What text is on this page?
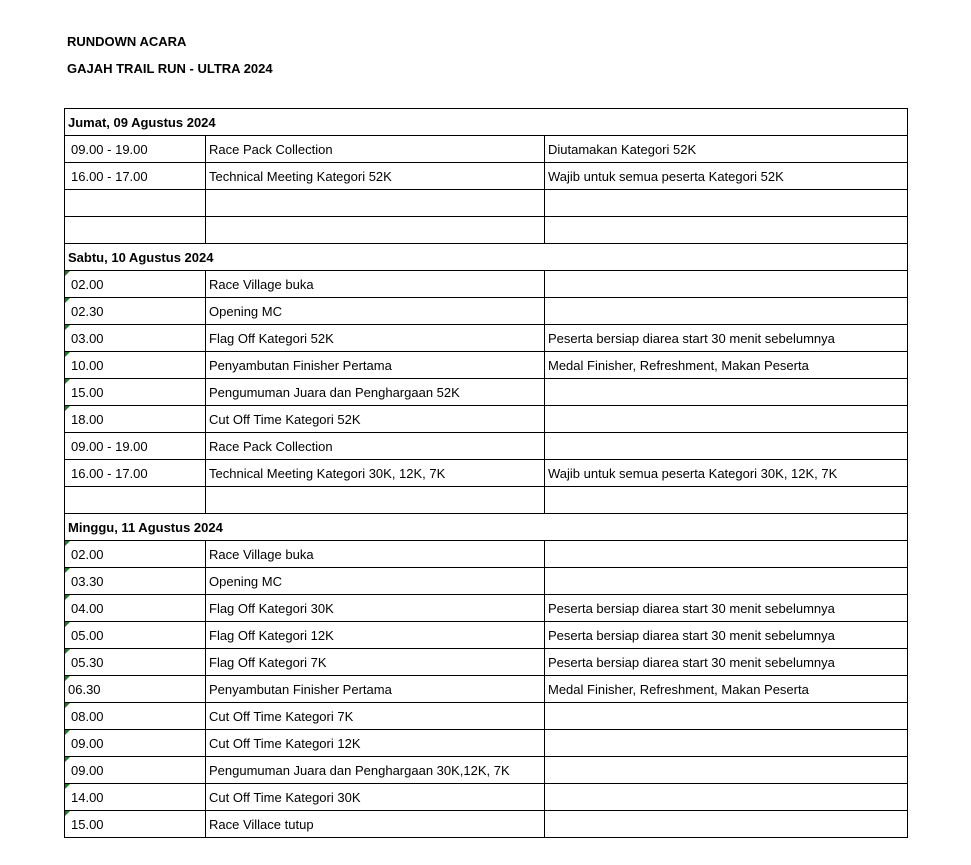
RUNDOWN ACARA
GAJAH TRAIL RUN - ULTRA 2024
Jumat, 09 Agustus 2024		
09.00 - 19.00	Race Pack Collection	Diutamakan Kategori 52K
16.00 - 17.00	Technical Meeting Kategori 52K	Wajib untuk semua peserta Kategori 52K

Sabtu, 10 Agustus 2024		

02.00	Race Village buka	

02.30	Opening MC	

03.00	Flag Off Kategori 52K	Peserta bersiap diarea start 30 menit sebelumnya

10.00	Penyambutan Finisher Pertama	Medal Finisher, Refreshment, Makan Peserta

15.00	Pengumuman Juara dan Penghargaan 52K	

18.00	Cut Off Time Kategori 52K	
09.00 - 19.00	Race Pack Collection	
16.00 - 17.00	Technical Meeting Kategori 30K, 12K, 7K	Wajib untuk semua peserta Kategori 30K, 12K, 7K

Minggu, 11 Agustus 2024		

02.00	Race Village buka	

03.30	Opening MC	

04.00	Flag Off Kategori 30K	Peserta bersiap diarea start 30 menit sebelumnya

05.00	Flag Off Kategori 12K	Peserta bersiap diarea start 30 menit sebelumnya

05.30	Flag Off Kategori 7K	Peserta bersiap diarea start 30 menit sebelumnya

06.30	Penyambutan Finisher Pertama	Medal Finisher, Refreshment, Makan Peserta

08.00	Cut Off Time Kategori 7K	

09.00	Cut Off Time Kategori 12K	

09.00	Pengumuman Juara dan Penghargaan 30K,12K, 7K	

14.00	Cut Off Time Kategori 30K	

15.00	Race Villace tutup	
